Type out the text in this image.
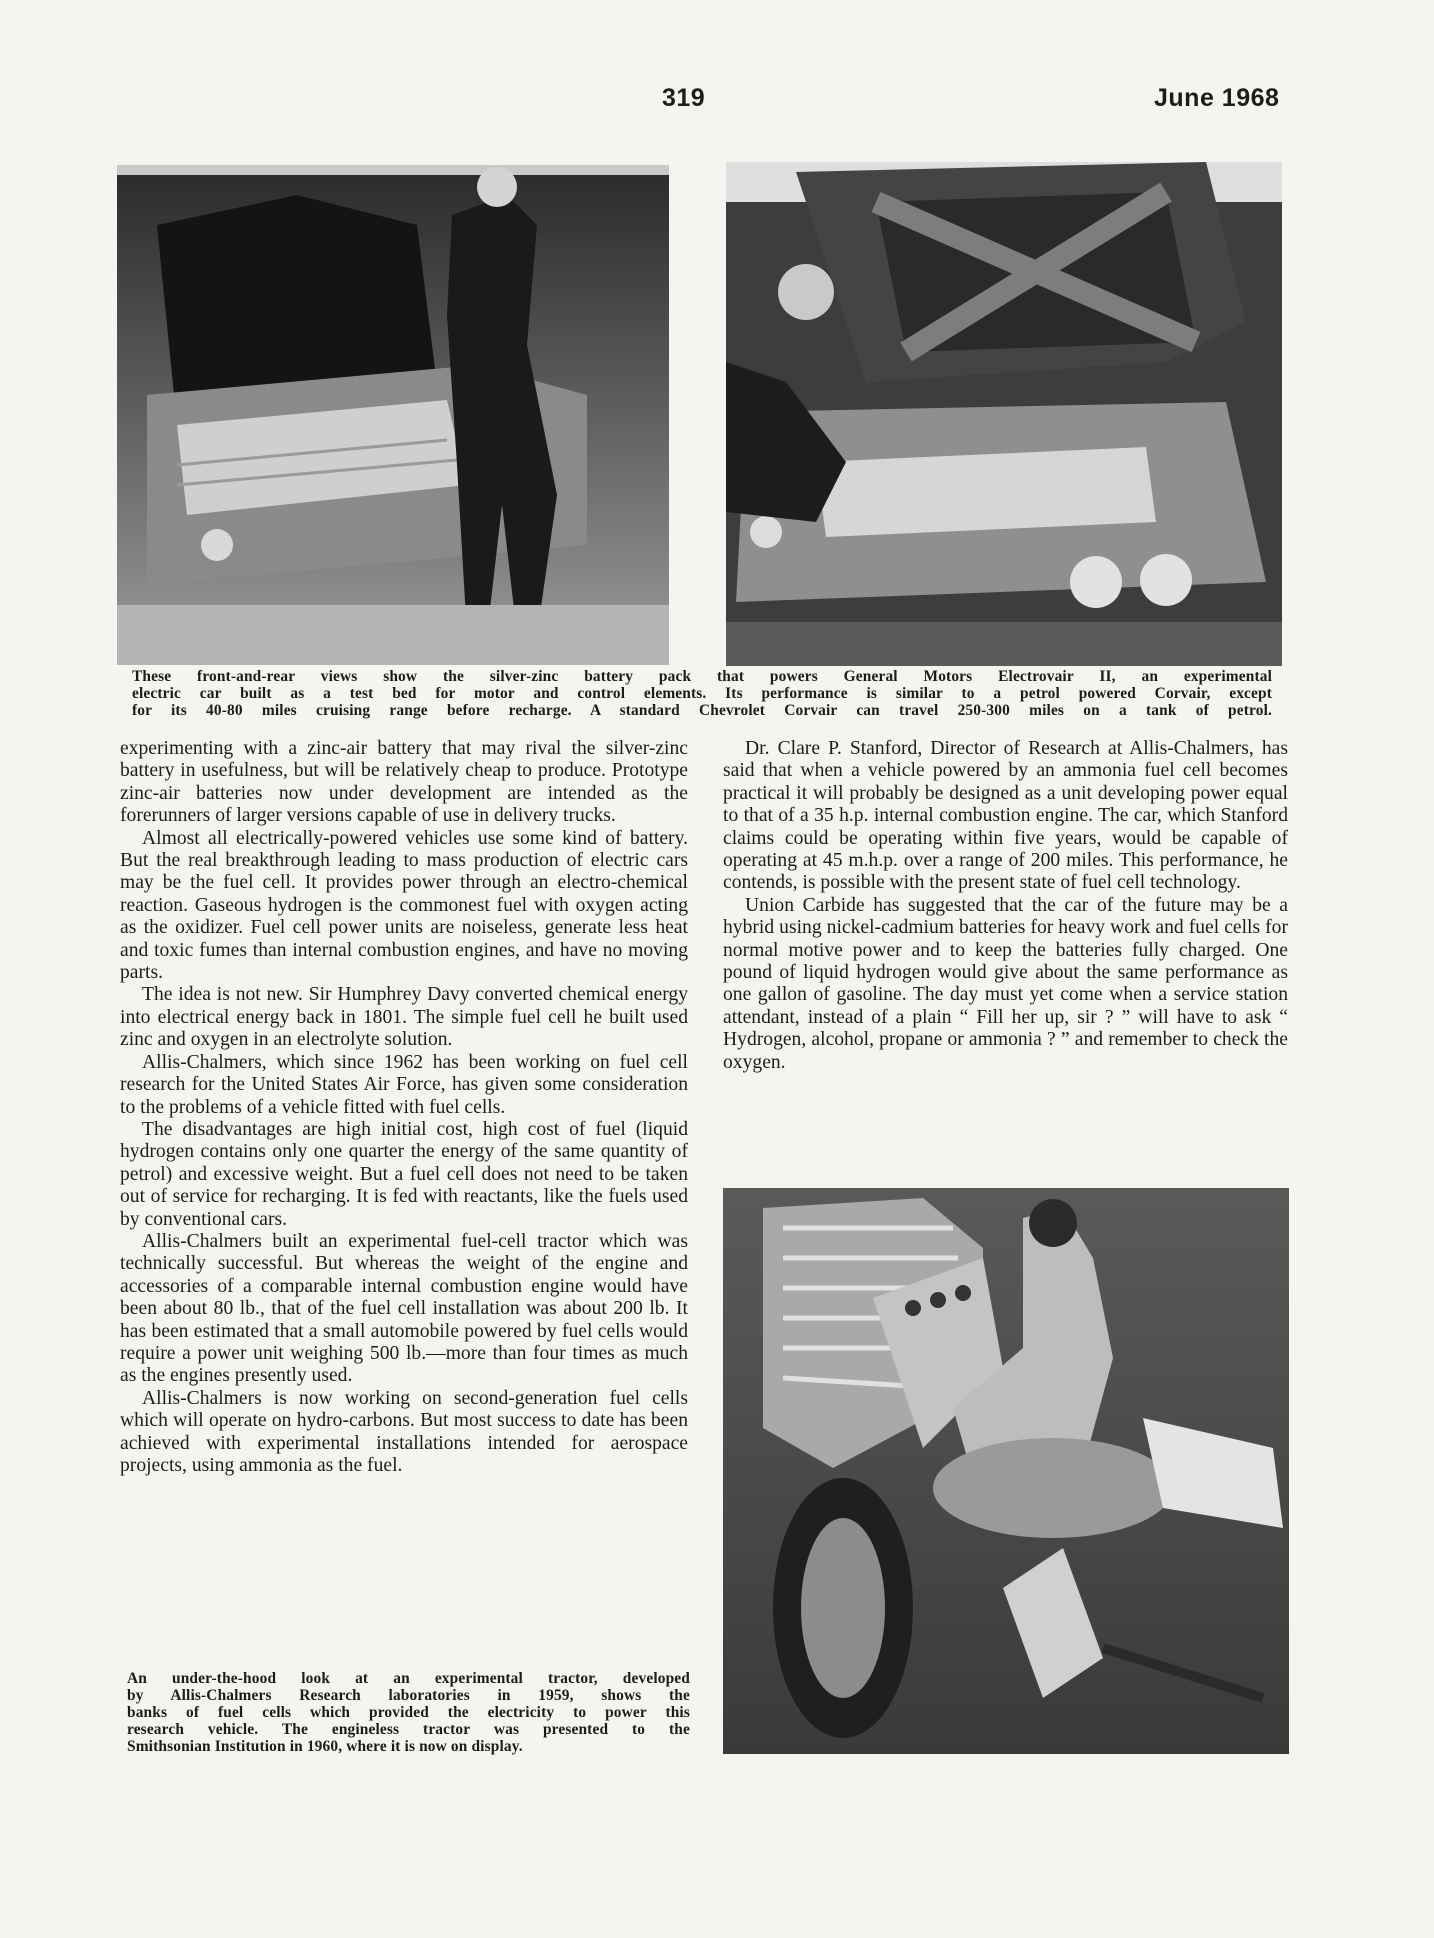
319	June 1968
These front-and-rear views show the silver-zinc battery pack that powers General Motors Electrovair II, an experimental
electric car built as a test bed for motor and control elements. Its performance is similar to a petrol powered Corvair, except
for its 40-80 miles cruising range before recharge. A standard Chevrolet Corvair can travel 250-300 miles on a tank of petrol.

experimenting with a zinc-air battery that may rival the silver-zinc battery in usefulness, but will be relatively cheap to produce. Prototype zinc-air batteries now under development are intended as the forerunners of larger versions capable of use in delivery trucks.

Almost all electrically-powered vehicles use some kind of battery. But the real breakthrough leading to mass production of electric cars may be the fuel cell. It provides power through an electro-chemical reaction. Gaseous hydrogen is the commonest fuel with oxygen acting as the oxidizer. Fuel cell power units are noiseless, generate less heat and toxic fumes than internal combustion engines, and have no moving parts.

The idea is not new. Sir Humphrey Davy converted chemical energy into electrical energy back in 1801. The simple fuel cell he built used zinc and oxygen in an electrolyte solution.

Allis-Chalmers, which since 1962 has been working on fuel cell research for the United States Air Force, has given some consideration to the problems of a vehicle fitted with fuel cells.

The disadvantages are high initial cost, high cost of fuel (liquid hydrogen contains only one quarter the energy of the same quantity of petrol) and excessive weight. But a fuel cell does not need to be taken out of service for recharging. It is fed with reactants, like the fuels used by conventional cars.

Allis-Chalmers built an experimental fuel-cell tractor which was technically successful. But whereas the weight of the engine and accessories of a comparable internal combustion engine would have been about 80 lb., that of the fuel cell installation was about 200 lb. It has been estimated that a small automobile powered by fuel cells would require a power unit weighing 500 lb.—more than four times as much as the engines presently used.

Allis-Chalmers is now working on second-generation fuel cells which will operate on hydro-carbons. But most success to date has been achieved with experimental installations intended for aerospace projects, using ammonia as the fuel.

An under-the-hood look at an experimental tractor, developed
by Allis-Chalmers Research laboratories in 1959, shows the
banks of fuel cells which provided the electricity to power this
research vehicle. The engineless tractor was presented to the
Smithsonian Institution in 1960, where it is now on display.

Dr. Clare P. Stanford, Director of Research at Allis-Chalmers, has said that when a vehicle powered by an ammonia fuel cell becomes practical it will probably be designed as a unit developing power equal to that of a 35 h.p. internal combustion engine. The car, which Stanford claims could be operating within five years, would be capable of operating at 45 m.h.p. over a range of 200 miles. This performance, he contends, is possible with the present state of fuel cell technology.

Union Carbide has suggested that the car of the future may be a hybrid using nickel-cadmium batteries for heavy work and fuel cells for normal motive power and to keep the batteries fully charged. One pound of liquid hydrogen would give about the same performance as one gallon of gasoline. The day must yet come when a service station attendant, instead of a plain “ Fill her up, sir ? ” will have to ask “ Hydrogen, alcohol, propane or ammonia ? ” and remember to check the oxygen.
